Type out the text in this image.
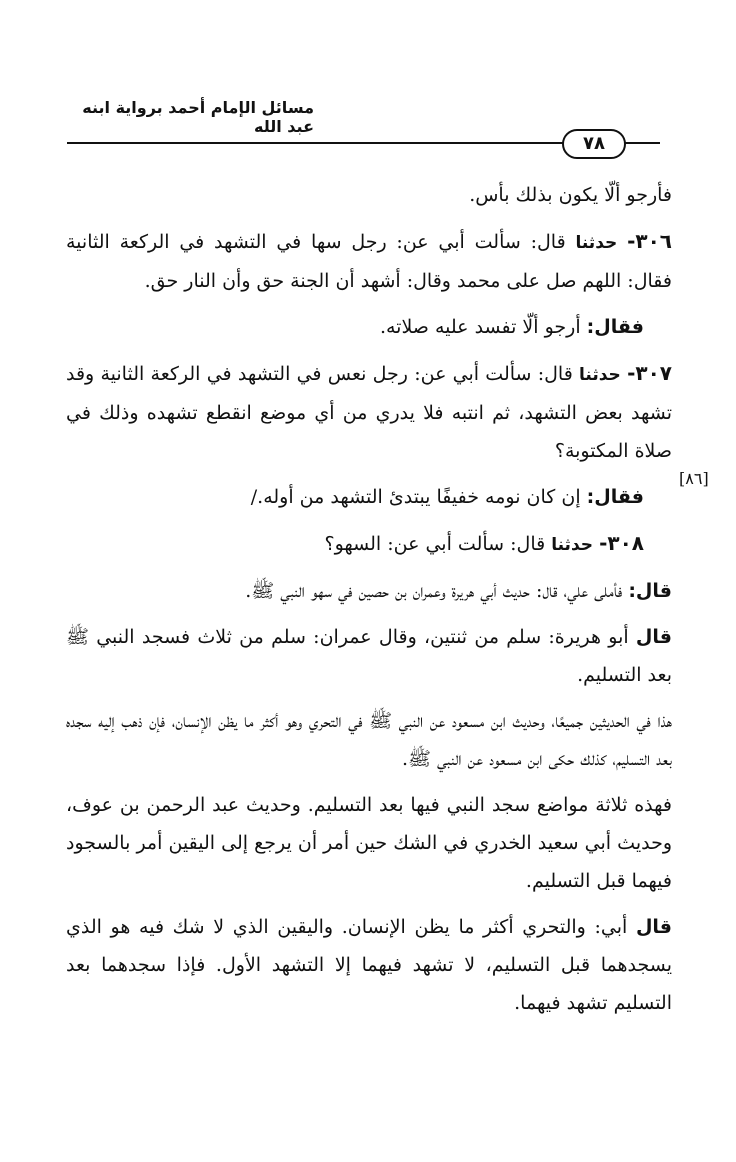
مسائل الإمام أحمد برواية ابنه عبد الله
٧٨
[٨٦]

فأرجو ألّا يكون بذلك بأس.

٣٠٦- حدثنا قال: سألت أبي عن: رجل سها في التشهد في الركعة الثانية فقال: اللهم صل على محمد وقال: أشهد أن الجنة حق وأن النار حق.

فقال: أرجو ألّا تفسد عليه صلاته.

٣٠٧- حدثنا قال: سألت أبي عن: رجل نعس في التشهد في الركعة الثانية وقد تشهد بعض التشهد، ثم انتبه فلا يدري من أي موضع انقطع تشهده وذلك في صلاة المكتوبة؟

فقال: إن كان نومه خفيفًا يبتدئ التشهد من أوله./

٣٠٨- حدثنا قال: سألت أبي عن: السهو؟

قال: فأملى علي، قال: حديث أبي هريرة وعمران بن حصين في سهو النبي ﷺ.

قال أبو هريرة: سلم من ثنتين، وقال عمران: سلم من ثلاث فسجد النبي ﷺ بعد التسليم.

هذا في الحديثين جميعًا، وحديث ابن مسعود عن النبي ﷺ في التحري وهو أكثر ما يظن الإنسان، فإن ذهب إليه سجده بعد التسليم، كذلك حكى ابن مسعود عن النبي ﷺ.

فهذه ثلاثة مواضع سجد النبي فيها بعد التسليم. وحديث عبد الرحمن بن عوف، وحديث أبي سعيد الخدري في الشك حين أمر أن يرجع إلى اليقين أمر بالسجود فيهما قبل التسليم.

قال أبي: والتحري أكثر ما يظن الإنسان. واليقين الذي لا شك فيه هو الذي يسجدهما قبل التسليم، لا تشهد فيهما إلا التشهد الأول. فإذا سجدهما بعد التسليم تشهد فيهما.
